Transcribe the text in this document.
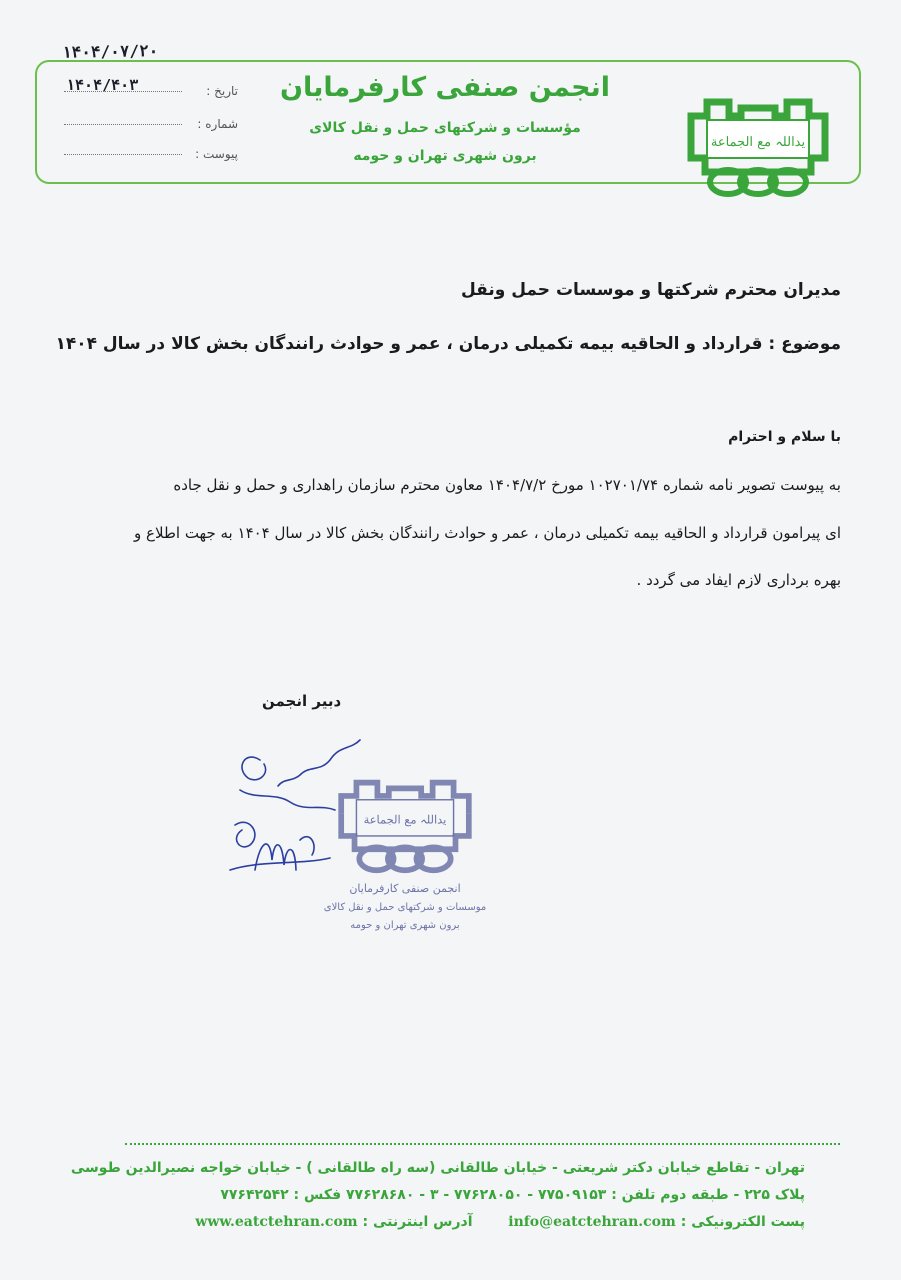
۱۴۰۴/۰۷/۲۰
۱۴۰۴/۴۰۳	تاریخ :
شماره :
پیوست :
انجمن صنفی کارفرمایان
مؤسسات و شرکتهای حمل و نقل کالای
برون شهری تهران و حومه
یداللہ مع الجماعة
مدیران محترم شرکتها و موسسات حمل ونقل
موضوع : قرارداد و الحاقیه بیمه تکمیلی درمان ، عمر و حوادث رانندگان بخش کالا در سال ۱۴۰۴
با سلام و احترام
به پیوست تصویر نامه شماره ۱۰۲۷۰۱/۷۴ مورخ ۱۴۰۴/۷/۲ معاون محترم سازمان راهداری و حمل و نقل جاده
ای پیرامون قرارداد و الحاقیه بیمه تکمیلی درمان ، عمر و حوادث رانندگان بخش کالا در سال ۱۴۰۴ به جهت اطلاع و
بهره برداری لازم ایفاد می گردد .
دبیر انجمن
یداللہ مع الجماعة
انجمن صنفی کارفرمایان
موسسات و شرکتهای حمل و نقل کالای
برون شهری تهران و حومه
تهران - تقاطع خیابان دکتر شریعتی - خیابان طالقانی (سه راه طالقانی ) - خیابان خواجه نصیرالدین طوسی
پلاک ۲۲۵ - طبقه دوم تلفن : ۷۷۵۰۹۱۵۳ - ۷۷۶۲۸۰۵۰ - ۳ - ۷۷۶۲۸۶۸۰ فکس : ۷۷۶۴۲۵۴۲
پست الکترونیکی : info@eatctehran.com  آدرس اینترنتی : www.eatctehran.com
